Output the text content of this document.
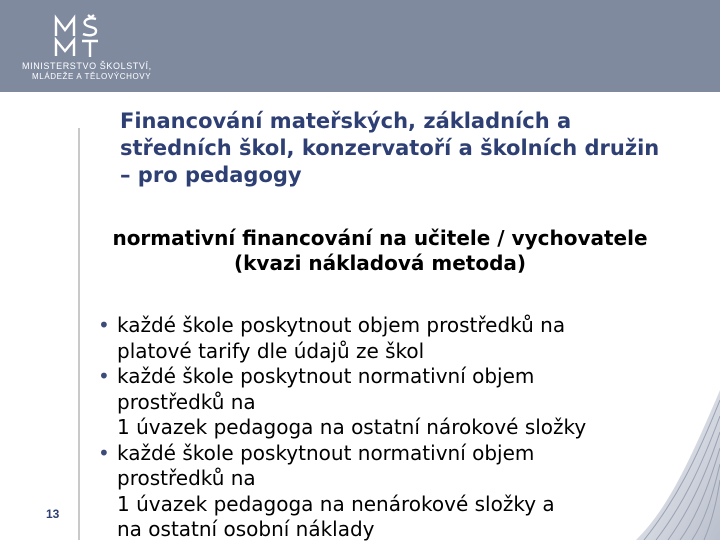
MINISTERSTVO ŠKOLSTVÍ,
MLÁDEŽE A TĚLOVÝCHOVY
Financování mateřských, základních a
středních škol, konzervatoří a školních družin
– pro pedagogy
normativní financování na učitele / vychovatele
(kvazi nákladová metoda)
• každé škole poskytnout objem prostředků na
platové tarify dle údajů ze škol
• každé škole poskytnout normativní objem
prostředků na
1 úvazek pedagoga na ostatní nárokové složky
• každé škole poskytnout normativní objem
prostředků na
1 úvazek pedagoga na nenárokové složky a
na ostatní osobní náklady
13
